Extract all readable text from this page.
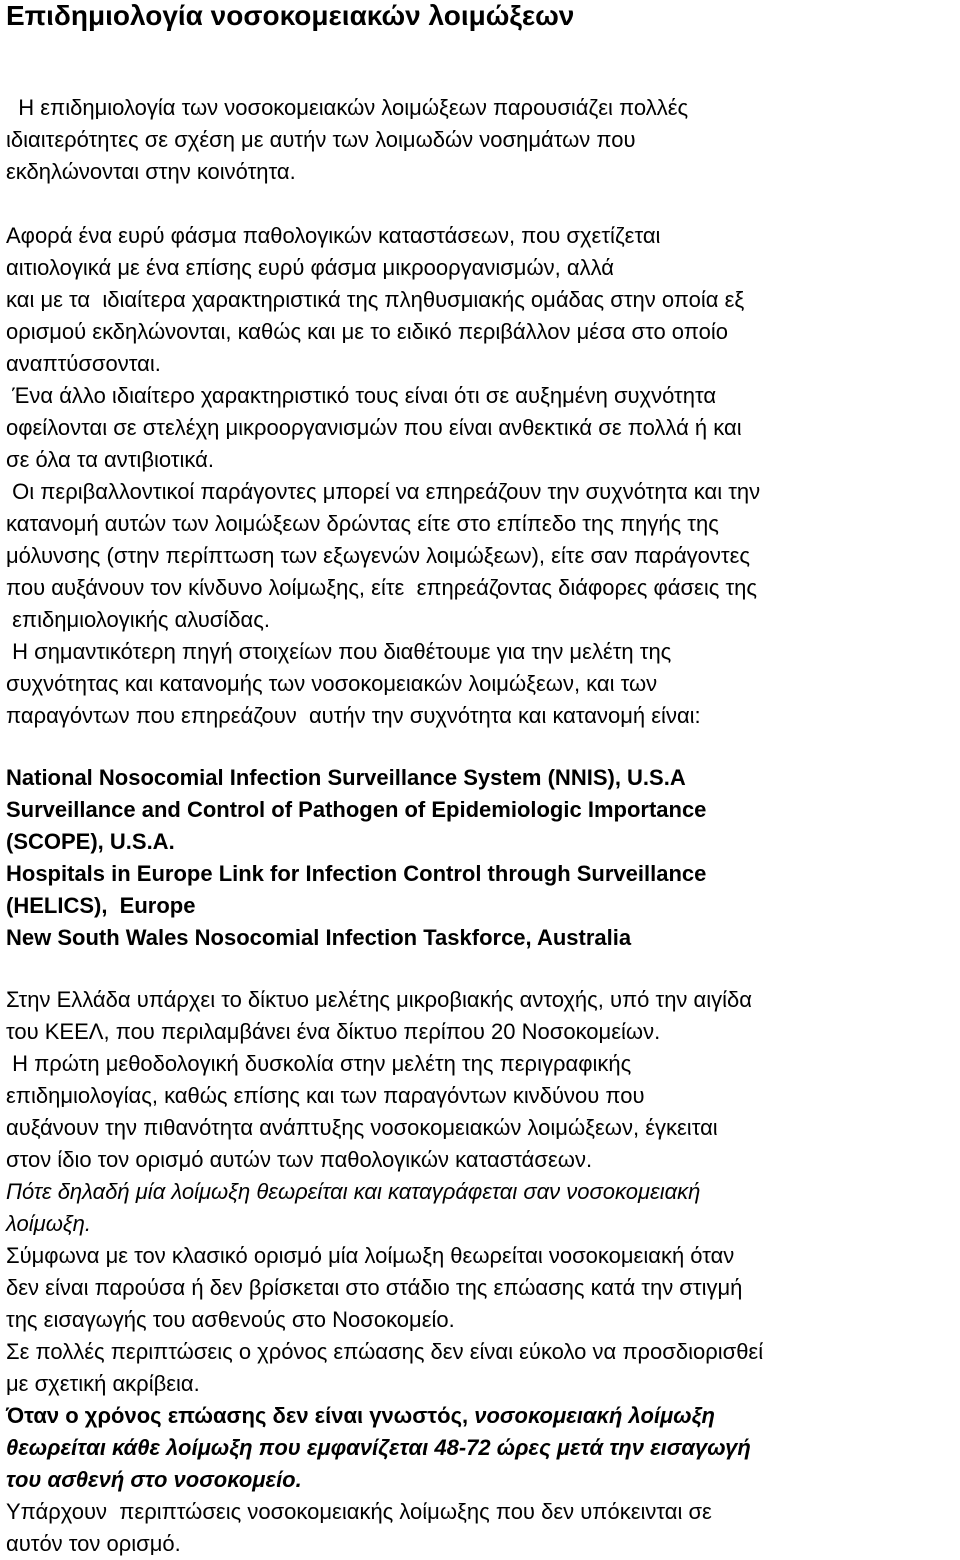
Επιδημιολογία νοσοκομειακών λοιμώξεων
Η επιδημιολογία των νοσοκομειακών λοιμώξεων παρουσιάζει πολλές
ιδιαιτερότητες σε σχέση με αυτήν των λοιμωδών νοσημάτων που
εκδηλώνονται στην κοινότητα.
Αφορά ένα ευρύ φάσμα παθολογικών καταστάσεων, που σχετίζεται
αιτιολογικά με ένα επίσης ευρύ φάσμα μικροοργανισμών, αλλά
και με τα  ιδιαίτερα χαρακτηριστικά της πληθυσμιακής ομάδας στην οποία εξ
ορισμού εκδηλώνονται, καθώς και με το ειδικό περιβάλλον μέσα στο οποίο
αναπτύσσονται.
Ένα άλλο ιδιαίτερο χαρακτηριστικό τους είναι ότι σε αυξημένη συχνότητα
οφείλονται σε στελέχη μικροοργανισμών που είναι ανθεκτικά σε πολλά ή και
σε όλα τα αντιβιοτικά.
Οι περιβαλλοντικοί παράγοντες μπορεί να επηρεάζουν την συχνότητα και την
κατανομή αυτών των λοιμώξεων δρώντας είτε στο επίπεδο της πηγής της
μόλυνσης (στην περίπτωση των εξωγενών λοιμώξεων), είτε σαν παράγοντες
που αυξάνουν τον κίνδυνο λοίμωξης, είτε  επηρεάζοντας διάφορες φάσεις της
επιδημιολογικής αλυσίδας.
Η σημαντικότερη πηγή στοιχείων που διαθέτουμε για την μελέτη της
συχνότητας και κατανομής των νοσοκομειακών λοιμώξεων, και των
παραγόντων που επηρεάζουν  αυτήν την συχνότητα και κατανομή είναι:
National Nosocomial Infection Surveillance System (NNIS), U.S.A
Surveillance and Control of Pathogen of Epidemiologic Importance
(SCOPE), U.S.A.
Hospitals in Europe Link for Infection Control through Surveillance
(HELICS),  Europe
New South Wales Nosocomial Infection Taskforce, Australia
Στην Ελλάδα υπάρχει το δίκτυο μελέτης μικροβιακής αντοχής, υπό την αιγίδα
του ΚΕΕΛ, που περιλαμβάνει ένα δίκτυο περίπου 20 Νοσοκομείων.
Η πρώτη μεθοδολογική δυσκολία στην μελέτη της περιγραφικής
επιδημιολογίας, καθώς επίσης και των παραγόντων κινδύνου που
αυξάνουν την πιθανότητα ανάπτυξης νοσοκομειακών λοιμώξεων, έγκειται
στον ίδιο τον ορισμό αυτών των παθολογικών καταστάσεων.
Πότε δηλαδή μία λοίμωξη θεωρείται και καταγράφεται σαν νοσοκομειακή
λοίμωξη.
Σύμφωνα με τον κλασικό ορισμό μία λοίμωξη θεωρείται νοσοκομειακή όταν
δεν είναι παρούσα ή δεν βρίσκεται στο στάδιο της επώασης κατά την στιγμή
της εισαγωγής του ασθενούς στο Νοσοκομείο.
Σε πολλές περιπτώσεις ο χρόνος επώασης δεν είναι εύκολο να προσδιορισθεί
με σχετική ακρίβεια.
Όταν ο χρόνος επώασης δεν είναι γνωστός, νοσοκομειακή λοίμωξη
θεωρείται κάθε λοίμωξη που εμφανίζεται 48-72 ώρες μετά την εισαγωγή
του ασθενή στο νοσοκομείο.
Υπάρχουν  περιπτώσεις νοσοκομειακής λοίμωξης που δεν υπόκεινται σε
αυτόν τον ορισμό.
